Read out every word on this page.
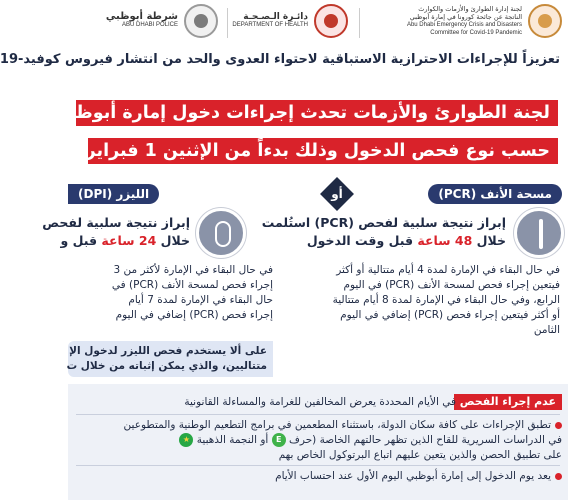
لجنة إدارة الطوارئ والأزمات والكوارث
الناتجة عن جائحة كورونا في إمارة أبوظبي
Abu Dhabi Emergency Crisis and Disasters
Committee for Covid-19 Pandemic
دائـرة الـصـحـة
DEPARTMENT OF HEALTH
شرطة أبوظبي
ABU DHABI POLICE
تعزيزاً للإجراءات الاحترازية الاستباقية لاحتواء العدوى والحد من انتشار فيروس كوفيد-19
لجنة الطوارئ والأزمات تحدث إجراءات دخول إمارة أبوظبي
حسب نوع فحص الدخول وذلك بدءاً من الإثنين 1 فبراير
مسحة الأنف (PCR)
أو
الليزر (DPI)
إبراز نتيجة سلبية لفحص (PCR) استُلمت
خلال 48 ساعة قبل وقت الدخول
في حال البقاء في الإمارة لمدة 4 أيام متتالية أو أكثر
فيتعين إجراء فحص لمسحة الأنف (PCR) في اليوم
الرابع، وفي حال البقاء في الإمارة لمدة 8 أيام متتالية
أو أكثر فيتعين إجراء فحص (PCR) إضافي في اليوم
الثامن
إبراز نتيجة سلبية لفحص
خلال 24 ساعة قبل و
في حال البقاء في الإمارة لأكثر من 3
إجراء فحص لمسحة الأنف (PCR) في
حال البقاء في الإمارة لمدة 7 أيام
إجراء فحص (PCR) إضافي في اليوم
على ألا يستخدم فحص الليزر لدخول الإ
متتاليين، والذي يمكن إثباته من خلال ت
عدم إجراء الفحص
في الأيام المحددة يعرض المخالفين للغرامة والمساءلة القانونية
تطبق الإجراءات على كافة سكان الدولة، باستثناء المطعمين في برامج التطعيم الوطنية والمتطوعين
في الدراسات السريرية للقاح الذين تظهر حالتهم الخاصة (حرف E أو النجمة الذهبية ★
على تطبيق الحصن والذين يتعين عليهم اتباع البرتوكول الخاص بهم
يعد يوم الدخول إلى إمارة أبوظبي اليوم الأول عند احتساب الأيام
